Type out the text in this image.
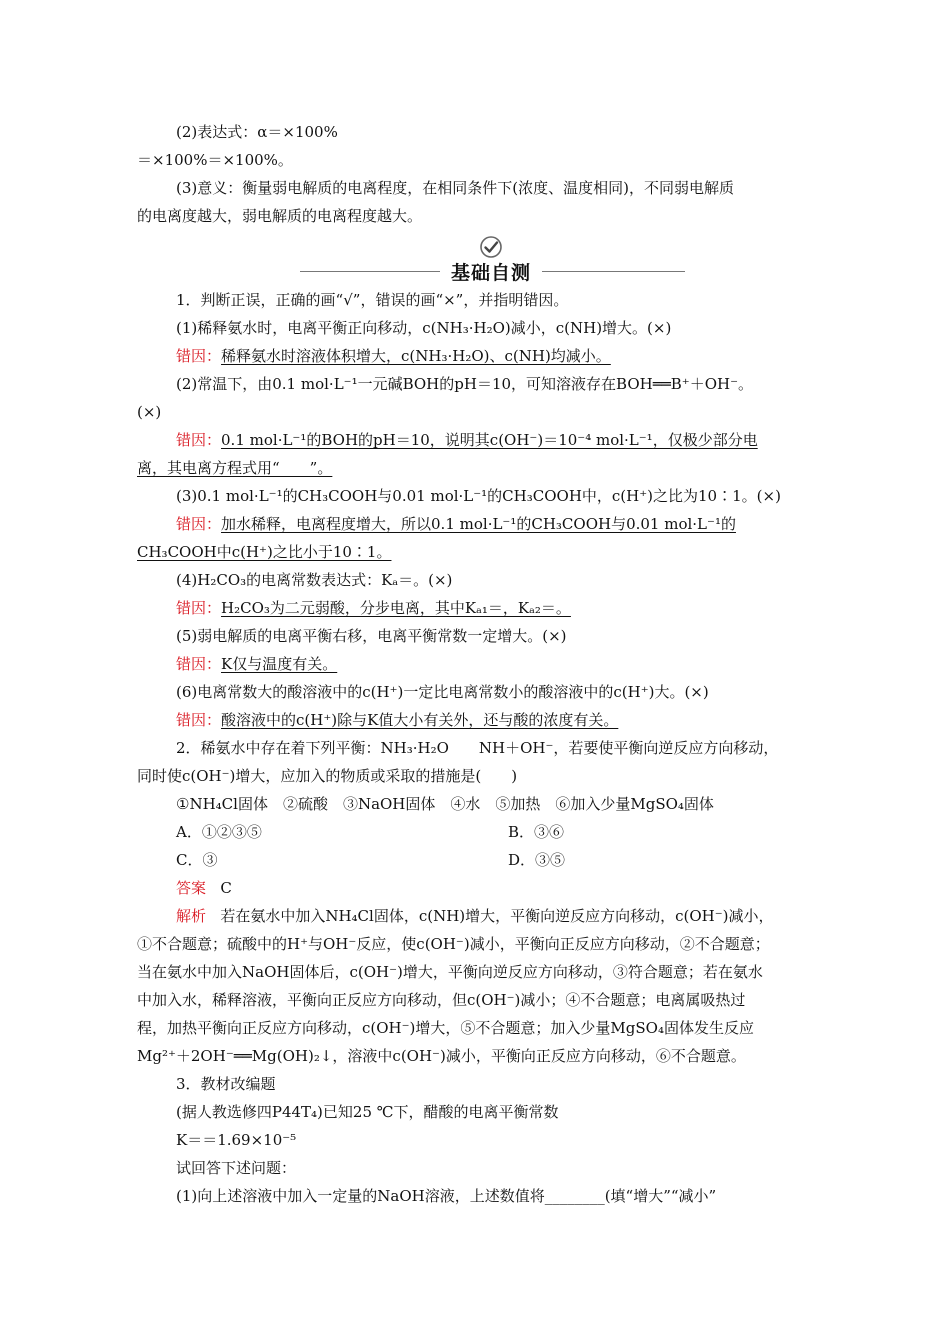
(2)表达式：α＝×100%
＝×100%＝×100%。
(3)意义：衡量弱电解质的电离程度，在相同条件下(浓度、温度相同)，不同弱电解质
的电离度越大，弱电解质的电离程度越大。
基础自测
1．判断正误，正确的画“√”，错误的画“×”，并指明错因。
(1)稀释氨水时，电离平衡正向移动，c(NH₃·H₂O)减小，c(NH)增大。(×)
错因：稀释氨水时溶液体积增大，c(NH₃·H₂O)、c(NH)均减小。
(2)常温下，由0.1 mol·L⁻¹一元碱BOH的pH＝10，可知溶液存在BOH══B⁺＋OH⁻。
(×)
错因：0.1 mol·L⁻¹的BOH的pH＝10，说明其c(OH⁻)＝10⁻⁴ mol·L⁻¹，仅极少部分电
离，其电离方程式用“　　”。
(3)0.1 mol·L⁻¹的CH₃COOH与0.01 mol·L⁻¹的CH₃COOH中，c(H⁺)之比为10∶1。(×)
错因：加水稀释，电离程度增大，所以0.1 mol·L⁻¹的CH₃COOH与0.01 mol·L⁻¹的
CH₃COOH中c(H⁺)之比小于10∶1。
(4)H₂CO₃的电离常数表达式：Kₐ＝。(×)
错因：H₂CO₃为二元弱酸，分步电离，其中Kₐ₁＝，Kₐ₂＝。
(5)弱电解质的电离平衡右移，电离平衡常数一定增大。(×)
错因：K仅与温度有关。
(6)电离常数大的酸溶液中的c(H⁺)一定比电离常数小的酸溶液中的c(H⁺)大。(×)
错因：酸溶液中的c(H⁺)除与K值大小有关外，还与酸的浓度有关。
2．稀氨水中存在着下列平衡：NH₃·H₂O　　NH＋OH⁻，若要使平衡向逆反应方向移动，
同时使c(OH⁻)增大，应加入的物质或采取的措施是(　　)
①NH₄Cl固体　②硫酸　③NaOH固体　④水　⑤加热　⑥加入少量MgSO₄固体
A．①②③⑤	B．③⑥
C．③	D．③⑤
答案 C
解析 若在氨水中加入NH₄Cl固体，c(NH)增大，平衡向逆反应方向移动，c(OH⁻)减小，
①不合题意；硫酸中的H⁺与OH⁻反应，使c(OH⁻)减小，平衡向正反应方向移动，②不合题意；
当在氨水中加入NaOH固体后，c(OH⁻)增大，平衡向逆反应方向移动，③符合题意；若在氨水
中加入水，稀释溶液，平衡向正反应方向移动，但c(OH⁻)减小；④不合题意；电离属吸热过
程，加热平衡向正反应方向移动，c(OH⁻)增大，⑤不合题意；加入少量MgSO₄固体发生反应
Mg²⁺＋2OH⁻══Mg(OH)₂↓，溶液中c(OH⁻)减小，平衡向正反应方向移动，⑥不合题意。
3．教材改编题
(据人教选修四P44T₄)已知25 ℃下，醋酸的电离平衡常数
K＝＝1.69×10⁻⁵
试回答下述问题：
(1)向上述溶液中加入一定量的NaOH溶液，上述数值将________(填“增大”“减小”
